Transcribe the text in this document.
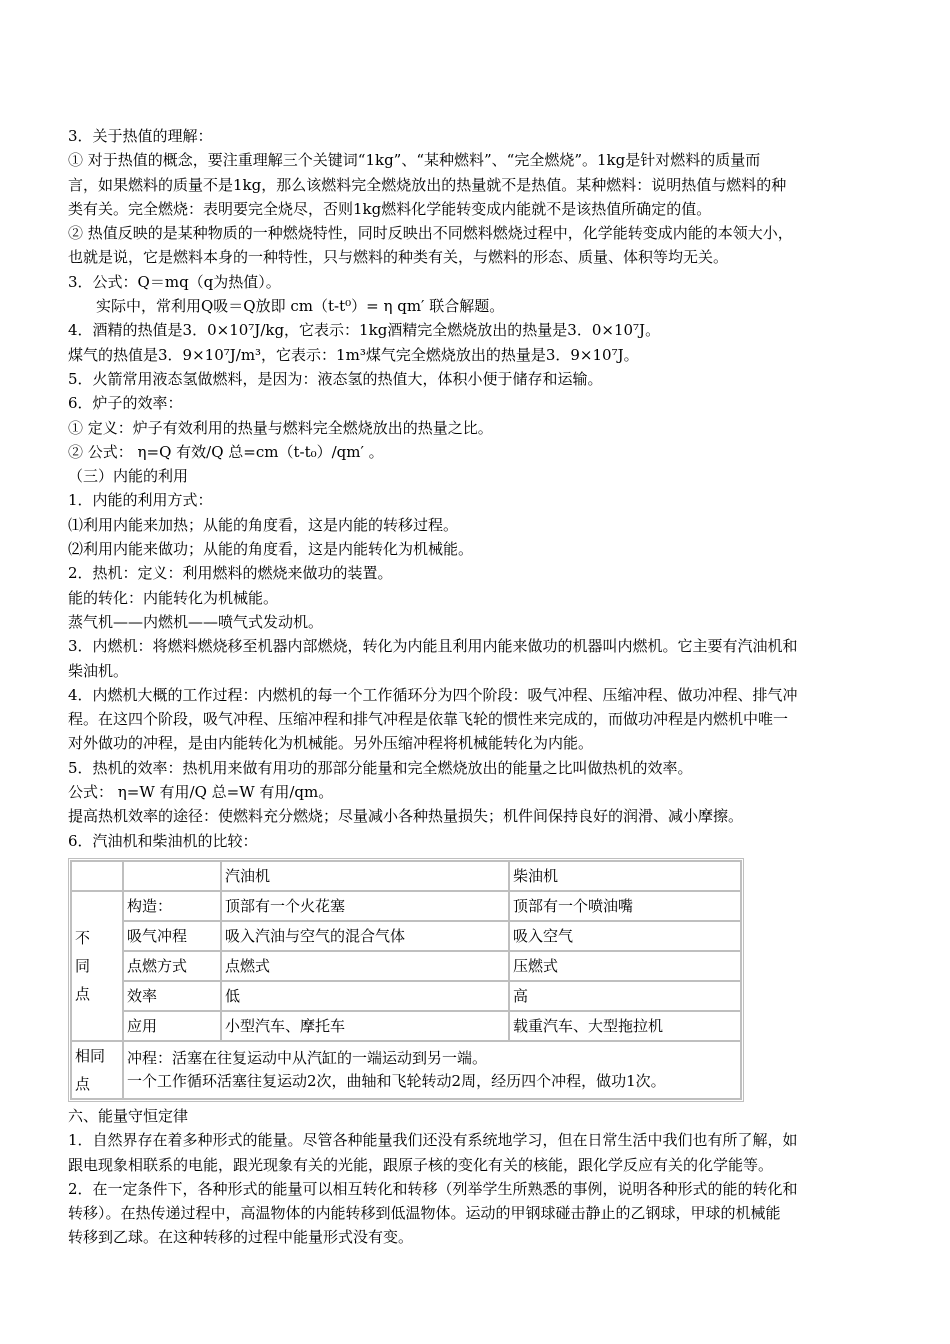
3．关于热值的理解：
① 对于热值的概念，要注重理解三个关键词“1kg”、“某种燃料”、“完全燃烧”。1kg是针对燃料的质量而
言，如果燃料的质量不是1kg，那么该燃料完全燃烧放出的热量就不是热值。某种燃料：说明热值与燃料的种
类有关。完全燃烧：表明要完全烧尽，否则1kg燃料化学能转变成内能就不是该热值所确定的值。
② 热值反映的是某种物质的一种燃烧特性，同时反映出不同燃料燃烧过程中，化学能转变成内能的本领大小，
也就是说，它是燃料本身的一种特性，只与燃料的种类有关，与燃料的形态、质量、体积等均无关。
3．公式：Q＝mq（q为热值）。
实际中，常利用Q吸＝Q放即 cm（t-t⁰）= η qm′ 联合解题。
4．酒精的热值是3．0×10⁷J/kg，它表示：1kg酒精完全燃烧放出的热量是3．0×10⁷J。
煤气的热值是3．9×10⁷J/m³，它表示：1m³煤气完全燃烧放出的热量是3．9×10⁷J。
5．火箭常用液态氢做燃料，是因为：液态氢的热值大，体积小便于储存和运输。
6．炉子的效率：
① 定义：炉子有效利用的热量与燃料完全燃烧放出的热量之比。
② 公式： η=Q 有效/Q 总=cm（t-t₀）/qm′ 。
（三）内能的利用
1．内能的利用方式：
⑴利用内能来加热；从能的角度看，这是内能的转移过程。
⑵利用内能来做功；从能的角度看，这是内能转化为机械能。
2．热机：定义：利用燃料的燃烧来做功的装置。
能的转化：内能转化为机械能。
蒸气机——内燃机——喷气式发动机。
3．内燃机：将燃料燃烧移至机器内部燃烧，转化为内能且利用内能来做功的机器叫内燃机。它主要有汽油机和
柴油机。
4．内燃机大概的工作过程：内燃机的每一个工作循环分为四个阶段：吸气冲程、压缩冲程、做功冲程、排气冲
程。在这四个阶段，吸气冲程、压缩冲程和排气冲程是依靠飞轮的惯性来完成的，而做功冲程是内燃机中唯一
对外做功的冲程，是由内能转化为机械能。另外压缩冲程将机械能转化为内能。
5．热机的效率：热机用来做有用功的那部分能量和完全燃烧放出的能量之比叫做热机的效率。
公式： η=W 有用/Q 总=W 有用/qm。
提高热机效率的途径：使燃料充分燃烧；尽量减小各种热量损失；机件间保持良好的润滑、减小摩擦。
6．汽油机和柴油机的比较：
		汽油机	柴油机

不
同
点	构造：	顶部有一个火花塞	顶部有一个喷油嘴
	吸气冲程	吸入汽油与空气的混合气体	吸入空气
	点燃方式	点燃式	压燃式
	效率	低	高
	应用	小型汽车、摩托车	载重汽车、大型拖拉机
相同点	冲程：活塞在往复运动中从汽缸的一端运动到另一端。
一个工作循环活塞往复运动2次，曲轴和飞轮转动2周，经历四个冲程，做功1次。		
六、能量守恒定律
1．自然界存在着多种形式的能量。尽管各种能量我们还没有系统地学习，但在日常生活中我们也有所了解，如
跟电现象相联系的电能，跟光现象有关的光能，跟原子核的变化有关的核能，跟化学反应有关的化学能等。
2．在一定条件下，各种形式的能量可以相互转化和转移（列举学生所熟悉的事例，说明各种形式的能的转化和
转移）。在热传递过程中，高温物体的内能转移到低温物体。运动的甲钢球碰击静止的乙钢球，甲球的机械能
转移到乙球。在这种转移的过程中能量形式没有变。
